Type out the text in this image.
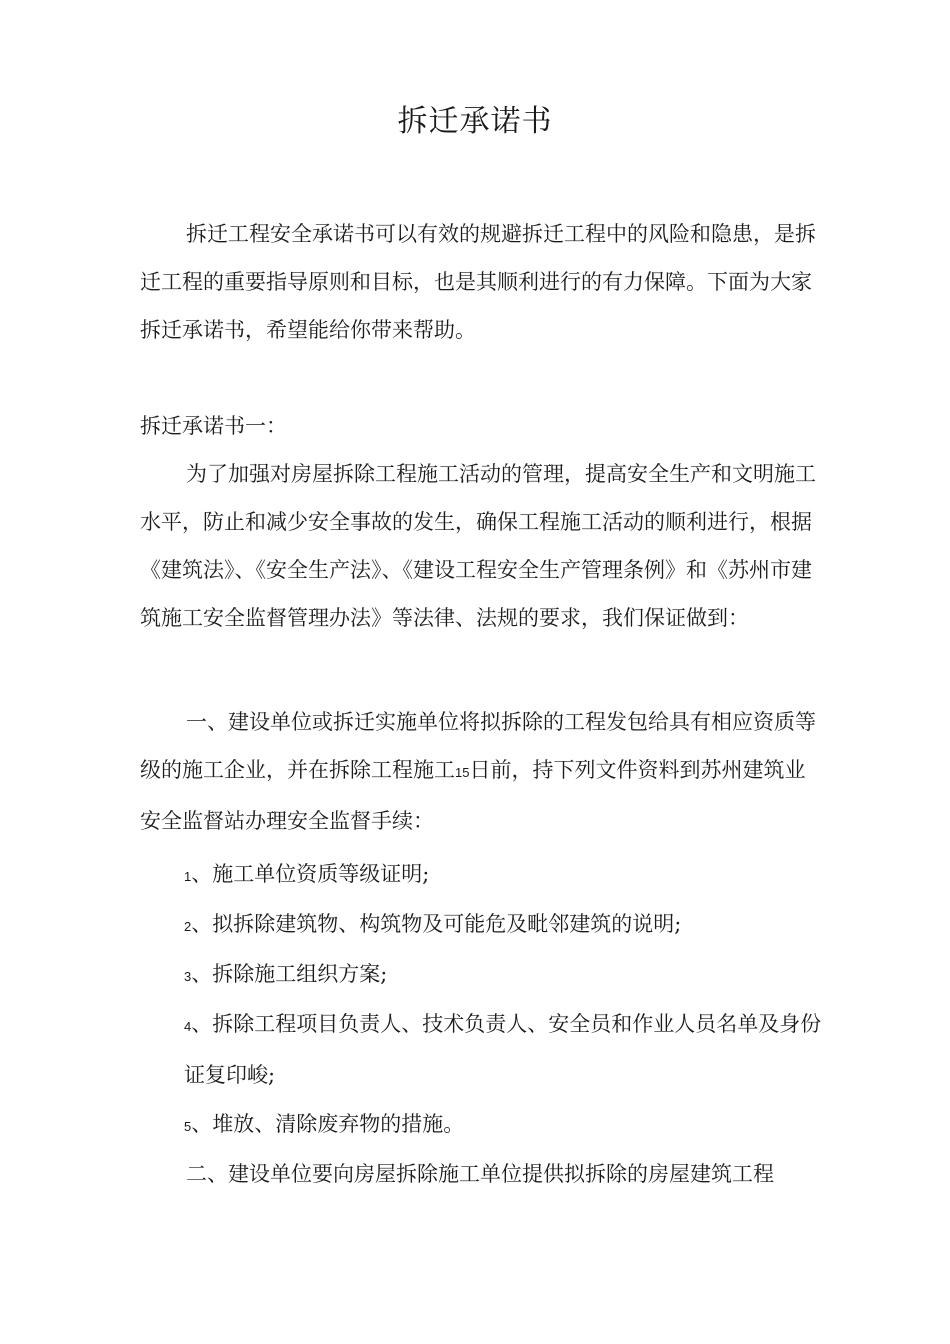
拆迁承诺书
拆迁工程安全承诺书可以有效的规避拆迁工程中的风险和隐患，是拆迁工程的重要指导原则和目标，也是其顺利进行的有力保障。下面为大家拆迁承诺书，希望能给你带来帮助。
拆迁承诺书一：
为了加强对房屋拆除工程施工活动的管理，提高安全生产和文明施工水平，防止和减少安全事故的发生，确保工程施工活动的顺利进行，根据《建筑法》、《安全生产法》、《建设工程安全生产管理条例》和《苏州市建筑施工安全监督管理办法》等法律、法规的要求，我们保证做到：
一、建设单位或拆迁实施单位将拟拆除的工程发包给具有相应资质等级的施工企业，并在拆除工程施工15日前，持下列文件资料到苏州建筑业安全监督站办理安全监督手续：
1、施工单位资质等级证明;
2、拟拆除建筑物、构筑物及可能危及毗邻建筑的说明;
3、拆除施工组织方案;

4、拆除工程项目负责人、技术负责人、安全员和作业人员名单及身份证复印峻;

5、堆放、清除废弃物的措施。
二、建设单位要向房屋拆除施工单位提供拟拆除的房屋建筑工程
